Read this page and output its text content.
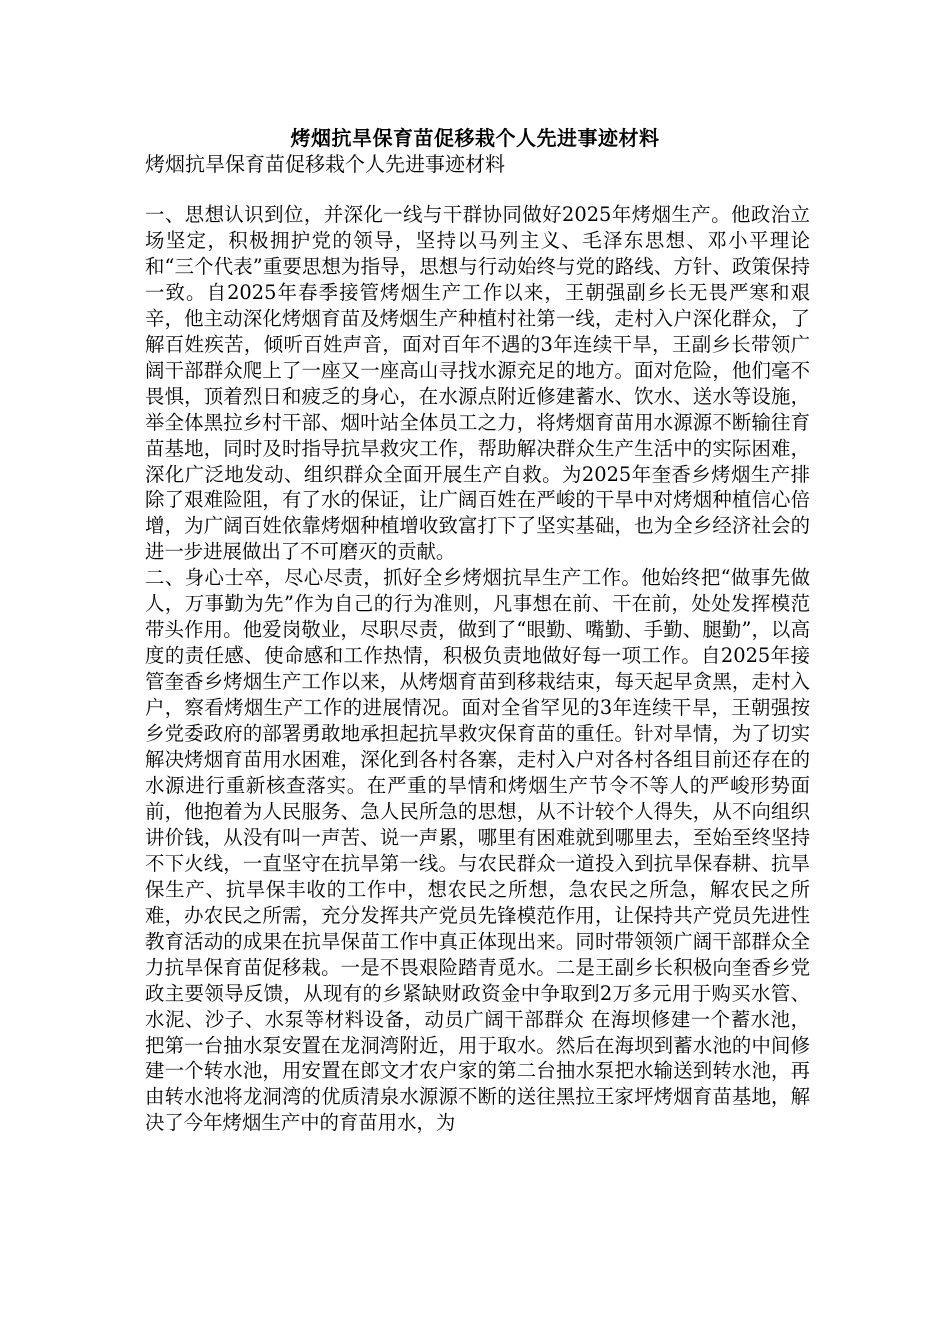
烤烟抗旱保育苗促移栽个人先进事迹材料
烤烟抗旱保育苗促移栽个人先进事迹材料

一、思想认识到位，并深化一线与干群协同做好2025年烤烟生产。他政治立场坚定，积极拥护党的领导，坚持以马列主义、毛泽东思想、邓小平理论和“三个代表”重要思想为指导，思想与行动始终与党的路线、方针、政策保持一致。自2025年春季接管烤烟生产工作以来，王朝强副乡长无畏严寒和艰辛，他主动深化烤烟育苗及烤烟生产种植村社第一线，走村入户深化群众，了解百姓疾苦，倾听百姓声音，面对百年不遇的3年连续干旱，王副乡长带领广阔干部群众爬上了一座又一座高山寻找水源充足的地方。面对危险，他们毫不畏惧，顶着烈日和疲乏的身心，在水源点附近修建蓄水、饮水、送水等设施，举全体黑拉乡村干部、烟叶站全体员工之力，将烤烟育苗用水源源不断输往育苗基地，同时及时指导抗旱救灾工作，帮助解决群众生产生活中的实际困难，深化广泛地发动、组织群众全面开展生产自救。为2025年奎香乡烤烟生产排除了艰难险阻，有了水的保证，让广阔百姓在严峻的干旱中对烤烟种植信心倍增，为广阔百姓依靠烤烟种植增收致富打下了坚实基础，也为全乡经济社会的进一步进展做出了不可磨灭的贡献。

二、身心士卒，尽心尽责，抓好全乡烤烟抗旱生产工作。他始终把“做事先做人，万事勤为先”作为自己的行为准则，凡事想在前、干在前，处处发挥模范带头作用。他爱岗敬业，尽职尽责，做到了“眼勤、嘴勤、手勤、腿勤”，以高度的责任感、使命感和工作热情，积极负责地做好每一项工作。自2025年接管奎香乡烤烟生产工作以来，从烤烟育苗到移栽结束，每天起早贪黑，走村入户，察看烤烟生产工作的进展情况。面对全省罕见的3年连续干旱，王朝强按乡党委政府的部署勇敢地承担起抗旱救灾保育苗的重任。针对旱情，为了切实解决烤烟育苗用水困难，深化到各村各寨，走村入户对各村各组目前还存在的水源进行重新核查落实。在严重的旱情和烤烟生产节令不等人的严峻形势面前，他抱着为人民服务、急人民所急的思想，从不计较个人得失，从不向组织讲价钱，从没有叫一声苦、说一声累，哪里有困难就到哪里去，至始至终坚持不下火线，一直坚守在抗旱第一线。与农民群众一道投入到抗旱保春耕、抗旱保生产、抗旱保丰收的工作中，想农民之所想，急农民之所急，解农民之所难，办农民之所需，充分发挥共产党员先锋模范作用，让保持共产党员先进性教育活动的成果在抗旱保苗工作中真正体现出来。同时带领领广阔干部群众全力抗旱保育苗促移栽。一是不畏艰险踏青觅水。二是王副乡长积极向奎香乡党政主要领导反馈，从现有的乡紧缺财政资金中争取到2万多元用于购买水管、水泥、沙子、水泵等材料设备，动员广阔干部群众 在海坝修建一个蓄水池，把第一台抽水泵安置在龙洞湾附近，用于取水。然后在海坝到蓄水池的中间修建一个转水池，用安置在郎文才农户家的第二台抽水泵把水输送到转水池，再由转水池将龙洞湾的优质清泉水源源不断的送往黑拉王家坪烤烟育苗基地，解决了今年烤烟生产中的育苗用水，为
